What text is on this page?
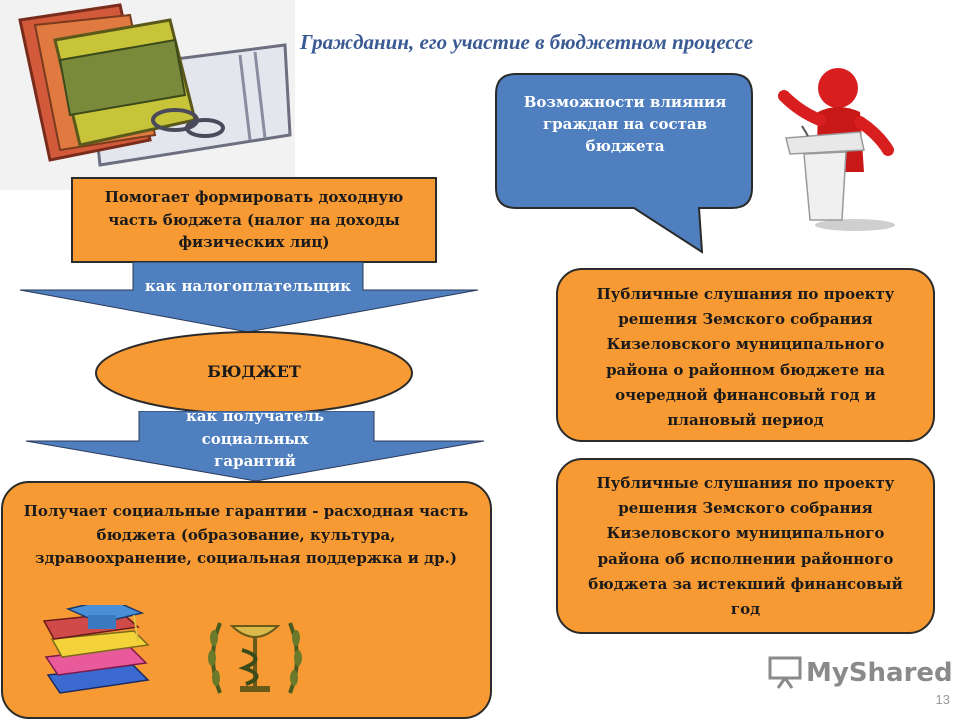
Гражданин, его участие в бюджетном процессе
Возможности влияния граждан на состав бюджета
Помогает формировать доходную часть бюджета (налог на доходы физических лиц)
как налогоплательщик
БЮДЖЕТ
как получатель социальных гарантий
Получает социальные гарантии - расходная часть бюджета (образование, культура, здравоохранение, социальная поддержка и др.)
Публичные слушания по проекту решения Земского собрания Кизеловского муниципального района о районном бюджете на очередной финансовый год и плановый период
Публичные слушания по проекту решения Земского собрания Кизеловского муниципального района об исполнении районного бюджета за истекший финансовый год
MyShared
13
